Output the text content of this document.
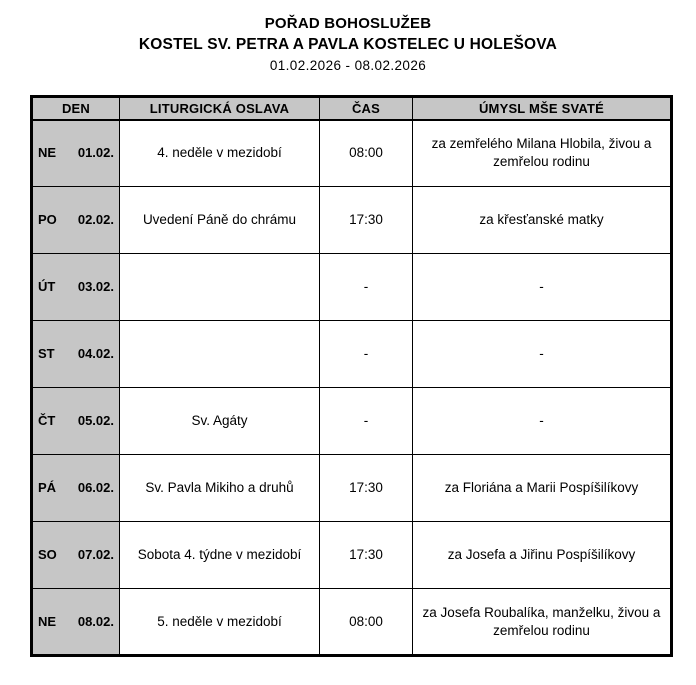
POŘAD BOHOSLUŽEB
KOSTEL SV. PETRA A PAVLA KOSTELEC U HOLEŠOVA
01.02.2026 - 08.02.2026
DEN	LITURGICKÁ OSLAVA	ČAS	ÚMYSL MŠE SVATÉ

NE 01.02.	4. neděle v mezidobí	08:00	za zemřelého Milana Hlobila, živou a zemřelou rodinu

PO 02.02.	Uvedení Páně do chrámu	17:30	za křesťanské matky

ÚT 03.02.		-	-

ST 04.02.		-	-

ČT 05.02.	Sv. Agáty	-	-

PÁ 06.02.	Sv. Pavla Mikiho a druhů	17:30	za Floriána a Marii Pospíšilíkovy

SO 07.02.	Sobota 4. týdne v mezidobí	17:30	za Josefa a Jiřinu Pospíšilíkovy

NE 08.02.	5. neděle v mezidobí	08:00	za Josefa Roubalíka, manželku, živou a zemřelou rodinu
